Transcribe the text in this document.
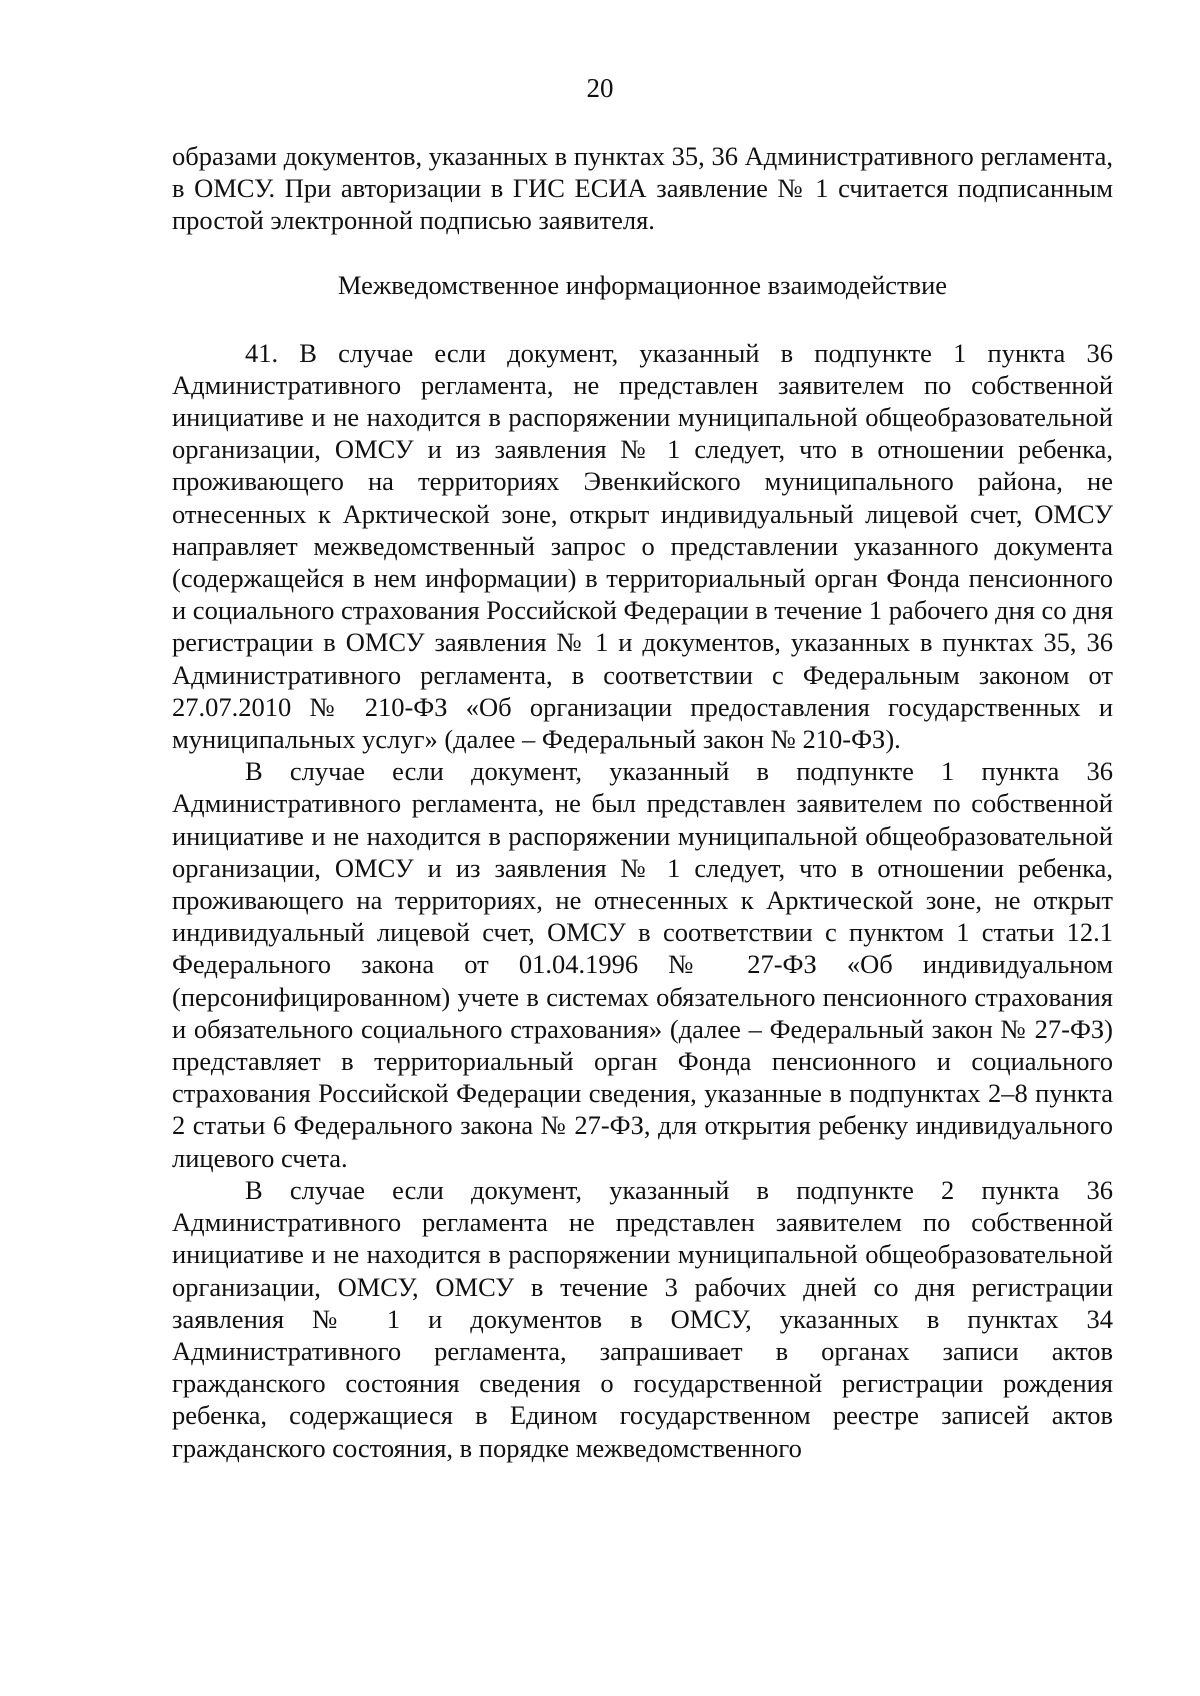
20

образами документов, указанных в пунктах 35, 36 Административного регламента, в ОМСУ. При авторизации в ГИС ЕСИА заявление № 1 считается подписанным простой электронной подписью заявителя.

Межведомственное информационное взаимодействие

41. В случае если документ, указанный в подпункте 1 пункта 36 Административного регламента, не представлен заявителем по собственной инициативе и не находится в распоряжении муниципальной общеобразовательной организации, ОМСУ и из заявления № 1 следует, что в отношении ребенка, проживающего на территориях Эвенкийского муниципального района, не отнесенных к Арктической зоне, открыт индивидуальный лицевой счет, ОМСУ направляет межведомственный запрос о представлении указанного документа (содержащейся в нем информации) в территориальный орган Фонда пенсионного и социального страхования Российской Федерации в течение 1 рабочего дня со дня регистрации в ОМСУ заявления № 1 и документов, указанных в пунктах 35, 36 Административного регламента, в соответствии с Федеральным законом от 27.07.2010 № 210-ФЗ «Об организации предоставления государственных и муниципальных услуг» (далее – Федеральный закон № 210-ФЗ).

В случае если документ, указанный в подпункте 1 пункта 36 Административного регламента, не был представлен заявителем по собственной инициативе и не находится в распоряжении муниципальной общеобразовательной организации, ОМСУ и из заявления № 1 следует, что в отношении ребенка, проживающего на территориях, не отнесенных к Арктической зоне, не открыт индивидуальный лицевой счет, ОМСУ в соответствии с пунктом 1 статьи 12.1 Федерального закона от 01.04.1996 № 27-ФЗ «Об индивидуальном (персонифицированном) учете в системах обязательного пенсионного страхования и обязательного социального страхования» (далее – Федеральный закон № 27-ФЗ) представляет в территориальный орган Фонда пенсионного и социального страхования Российской Федерации сведения, указанные в подпунктах 2–8 пункта 2 статьи 6 Федерального закона № 27-ФЗ, для открытия ребенку индивидуального лицевого счета.

В случае если документ, указанный в подпункте 2 пункта 36 Административного регламента не представлен заявителем по собственной инициативе и не находится в распоряжении муниципальной общеобразовательной организации, ОМСУ, ОМСУ в течение 3 рабочих дней со дня регистрации заявления № 1 и документов в ОМСУ, указанных в пунктах 34 Административного регламента, запрашивает в органах записи актов гражданского состояния сведения о государственной регистрации рождения ребенка, содержащиеся в Едином государственном реестре записей актов гражданского состояния, в порядке межведомственного
